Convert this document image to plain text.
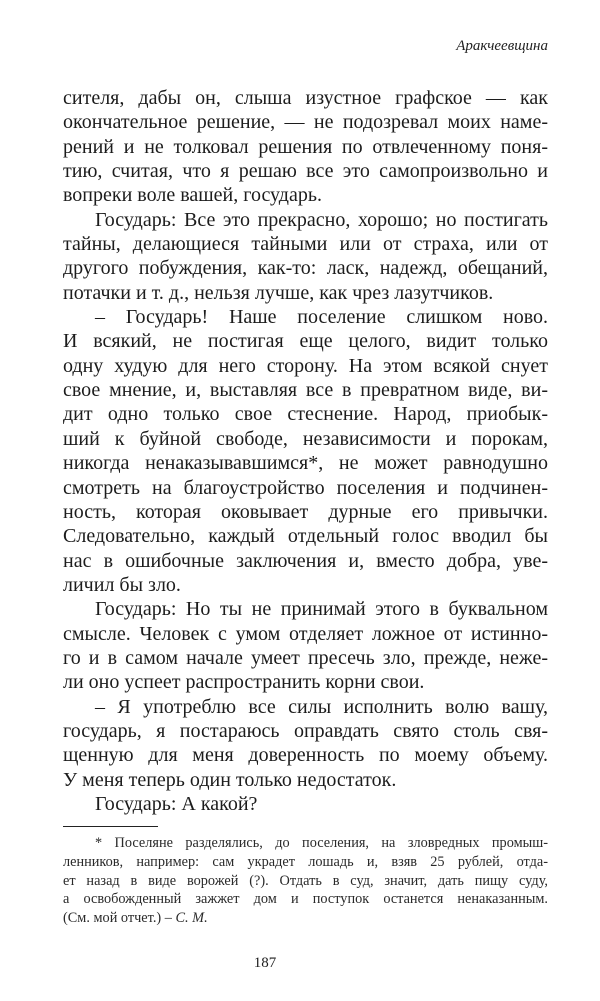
Аракчеевщина
сителя, дабы он, слыша изустное графское — как
окончательное решение, — не подозревал моих наме-
рений и не толковал решения по отвлеченному поня-
тию, считая, что я решаю все это самопроизвольно и
вопреки воле вашей, государь.
Государь: Все это прекрасно, хорошо; но постигать
тайны, делающиеся тайными или от страха, или от
другого побуждения, как-то: ласк, надежд, обещаний,
потачки и т. д., нельзя лучше, как чрез лазутчиков.
– Государь! Наше поселение слишком ново.
И всякий, не постигая еще целого, видит только
одну худую для него сторону. На этом всякой снует
свое мнение, и, выставляя все в превратном виде, ви-
дит одно только свое стеснение. Народ, приобык-
ший к буйной свободе, независимости и порокам,
никогда ненаказывавшимся*, не может равнодушно
смотреть на благоустройство поселения и подчинен-
ность, которая оковывает дурные его привычки.
Следовательно, каждый отдельный голос вводил бы
нас в ошибочные заключения и, вместо добра, уве-
личил бы зло.
Государь: Но ты не принимай этого в буквальном
смысле. Человек с умом отделяет ложное от истинно-
го и в самом начале умеет пресечь зло, прежде, неже-
ли оно успеет распространить корни свои.
– Я употреблю все силы исполнить волю вашу,
государь, я постараюсь оправдать свято столь свя-
щенную для меня доверенность по моему объему.
У меня теперь один только недостаток.
Государь: А какой?
* Поселяне разделялись, до поселения, на зловредных промыш-
ленников, например: сам украдет лошадь и, взяв 25 рублей, отда-
ет назад в виде ворожей (?). Отдать в суд, значит, дать пищу суду,
а освобожденный зажжет дом и поступок останется ненаказанным.
(См. мой отчет.) – С. М.
187
